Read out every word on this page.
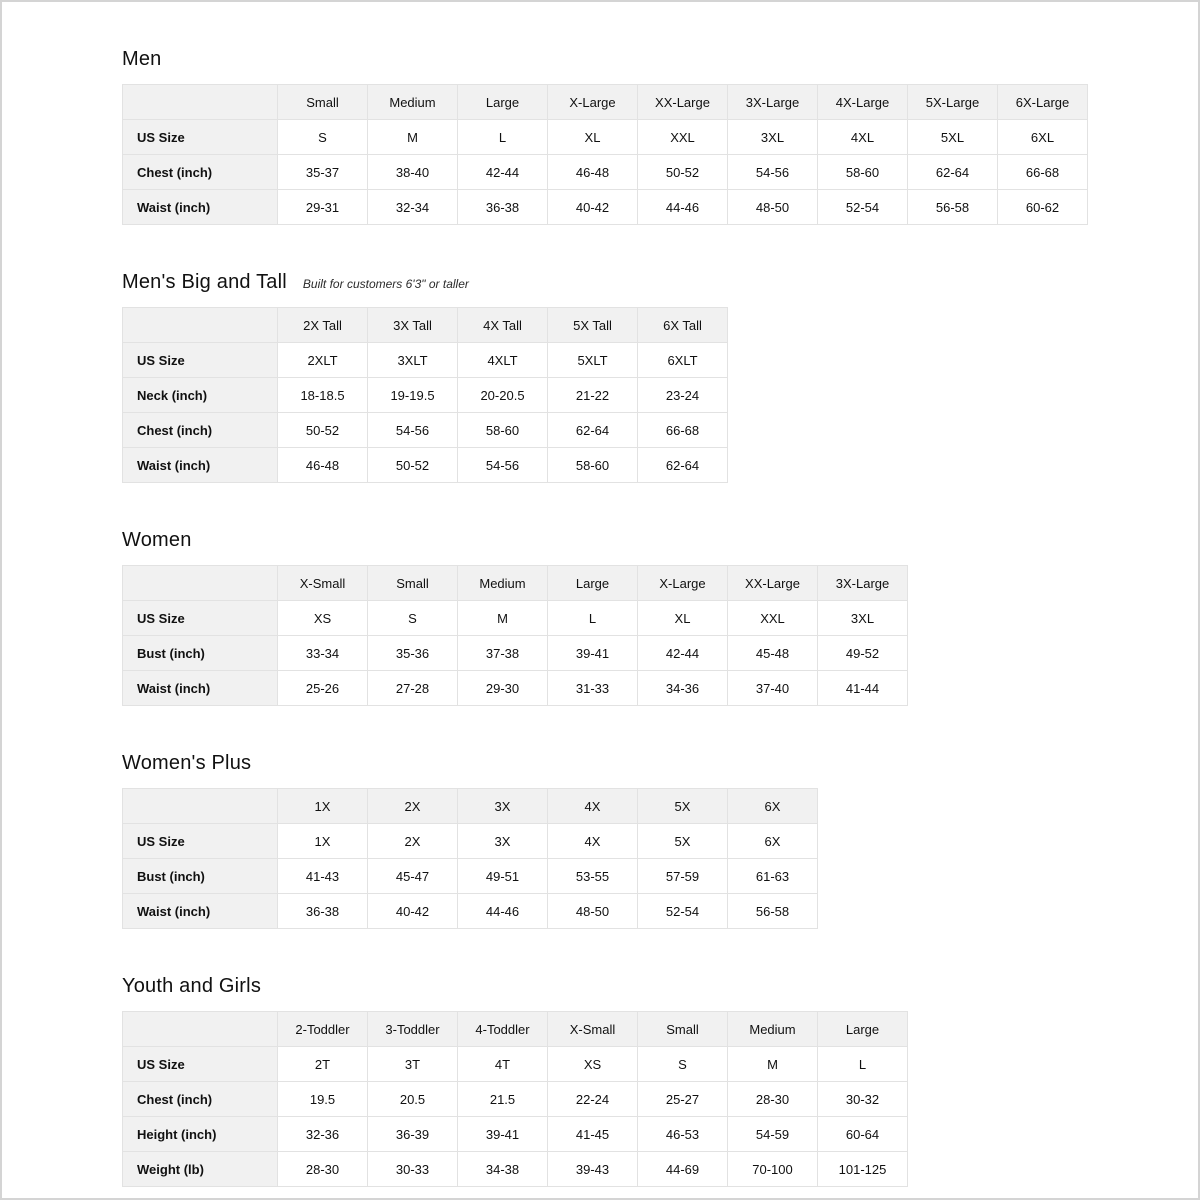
Men
	Small	Medium	Large	X-Large	XX-Large	3X-Large	4X-Large	5X-Large	6X-Large
US Size	S	M	L	XL	XXL	3XL	4XL	5XL	6XL
Chest (inch)	35-37	38-40	42-44	46-48	50-52	54-56	58-60	62-64	66-68
Waist (inch)	29-31	32-34	36-38	40-42	44-46	48-50	52-54	56-58	60-62
Men's Big and Tall Built for customers 6'3" or taller
	2X Tall	3X Tall	4X Tall	5X Tall	6X Tall
US Size	2XLT	3XLT	4XLT	5XLT	6XLT
Neck (inch)	18-18.5	19-19.5	20-20.5	21-22	23-24
Chest (inch)	50-52	54-56	58-60	62-64	66-68
Waist (inch)	46-48	50-52	54-56	58-60	62-64
Women
	X-Small	Small	Medium	Large	X-Large	XX-Large	3X-Large
US Size	XS	S	M	L	XL	XXL	3XL
Bust (inch)	33-34	35-36	37-38	39-41	42-44	45-48	49-52
Waist (inch)	25-26	27-28	29-30	31-33	34-36	37-40	41-44
Women's Plus
	1X	2X	3X	4X	5X	6X
US Size	1X	2X	3X	4X	5X	6X
Bust (inch)	41-43	45-47	49-51	53-55	57-59	61-63
Waist (inch)	36-38	40-42	44-46	48-50	52-54	56-58
Youth and Girls
	2-Toddler	3-Toddler	4-Toddler	X-Small	Small	Medium	Large
US Size	2T	3T	4T	XS	S	M	L
Chest (inch)	19.5	20.5	21.5	22-24	25-27	28-30	30-32
Height (inch)	32-36	36-39	39-41	41-45	46-53	54-59	60-64
Weight (lb)	28-30	30-33	34-38	39-43	44-69	70-100	101-125
